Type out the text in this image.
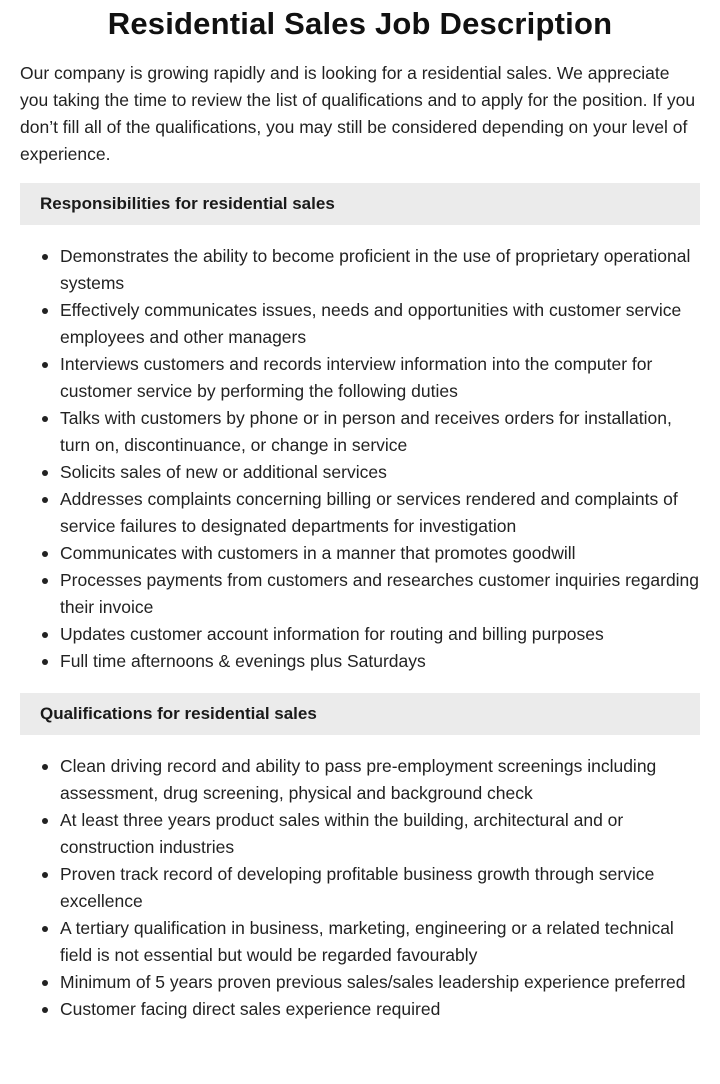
Residential Sales Job Description

Our company is growing rapidly and is looking for a residential sales. We appreciate you taking the time to review the list of qualifications and to apply for the position. If you don’t fill all of the qualifications, you may still be considered depending on your level of experience.

Responsibilities for residential sales
Demonstrates the ability to become proficient in the use of proprietary operational systems
Effectively communicates issues, needs and opportunities with customer service employees and other managers
Interviews customers and records interview information into the computer for customer service by performing the following duties
Talks with customers by phone or in person and receives orders for installation, turn on, discontinuance, or change in service
Solicits sales of new or additional services
Addresses complaints concerning billing or services rendered and complaints of service failures to designated departments for investigation
Communicates with customers in a manner that promotes goodwill
Processes payments from customers and researches customer inquiries regarding their invoice
Updates customer account information for routing and billing purposes
Full time afternoons & evenings plus Saturdays
Qualifications for residential sales
Clean driving record and ability to pass pre-employment screenings including assessment, drug screening, physical and background check
At least three years product sales within the building, architectural and or construction industries
Proven track record of developing profitable business growth through service excellence
A tertiary qualification in business, marketing, engineering or a related technical field is not essential but would be regarded favourably
Minimum of 5 years proven previous sales/sales leadership experience preferred
Customer facing direct sales experience required
